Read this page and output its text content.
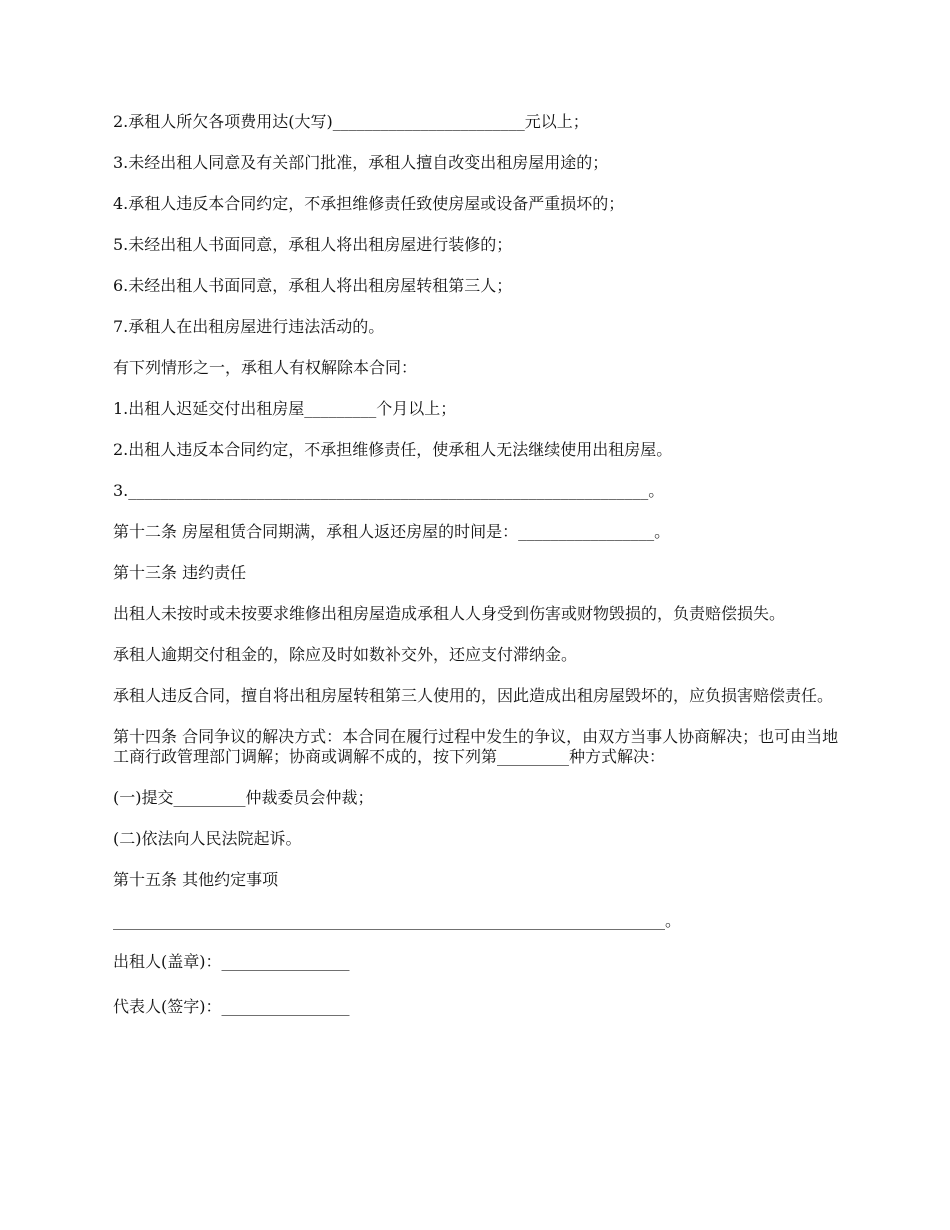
2.承租人所欠各项费用达(大写)________________________元以上；

3.未经出租人同意及有关部门批准，承租人擅自改变出租房屋用途的；

4.承租人违反本合同约定，不承担维修责任致使房屋或设备严重损坏的；

5.未经出租人书面同意，承租人将出租房屋进行装修的；

6.未经出租人书面同意，承租人将出租房屋转租第三人；

7.承租人在出租房屋进行违法活动的。

有下列情形之一，承租人有权解除本合同：

1.出租人迟延交付出租房屋_________个月以上；

2.出租人违反本合同约定，不承担维修责任，使承租人无法继续使用出租房屋。

3._________________________________________________________________。

第十二条 房屋租赁合同期满，承租人返还房屋的时间是：_________________。

第十三条 违约责任

出租人未按时或未按要求维修出租房屋造成承租人人身受到伤害或财物毁损的，负责赔偿损失。

承租人逾期交付租金的，除应及时如数补交外，还应支付滞纳金。

承租人违反合同，擅自将出租房屋转租第三人使用的，因此造成出租房屋毁坏的，应负损害赔偿责任。

第十四条 合同争议的解决方式：本合同在履行过程中发生的争议，由双方当事人协商解决；也可由当地工商行政管理部门调解；协商或调解不成的，按下列第_________种方式解决：

(一)提交_________仲裁委员会仲裁；

(二)依法向人民法院起诉。

第十五条 其他约定事项

_____________________________________________________________________。

出租人(盖章)：________________

代表人(签字)：________________
